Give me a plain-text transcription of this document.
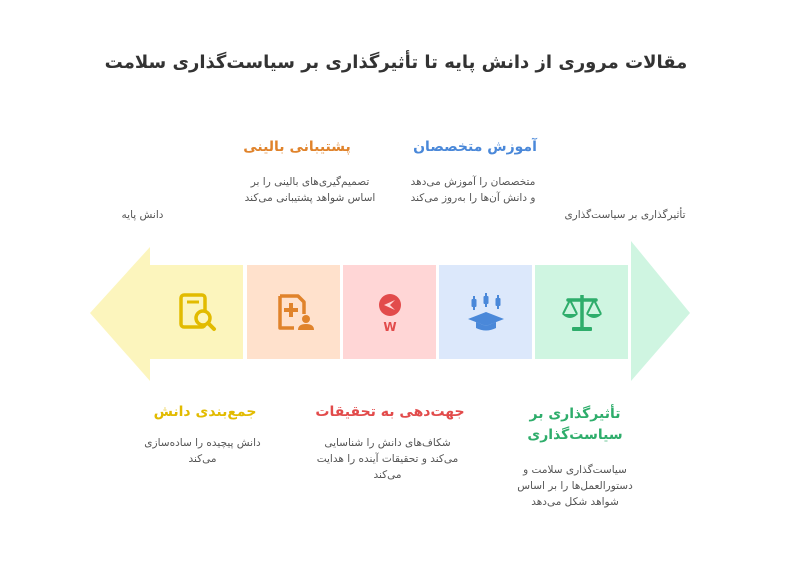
مقالات مروری از دانش پایه تا تأثیرگذاری بر سیاست‌گذاری سلامت
W
دانش پایه	تأثیرگذاری بر سیاست‌گذاری
پشتیبانی بالینی
تصمیم‌گیری‌های بالینی را بر اساس شواهد پشتیبانی می‌کند
آموزش متخصصان
متخصصان را آموزش می‌دهد و دانش آن‌ها را به‌روز می‌کند
جمع‌بندی دانش
دانش پیچیده را ساده‌سازی می‌کند
جهت‌دهی به تحقیقات
شکاف‌های دانش را شناسایی می‌کند و تحقیقات آینده را هدایت می‌کند
تأثیرگذاری بر سیاست‌گذاری
سیاست‌گذاری سلامت و دستورالعمل‌ها را بر اساس شواهد شکل می‌دهد
